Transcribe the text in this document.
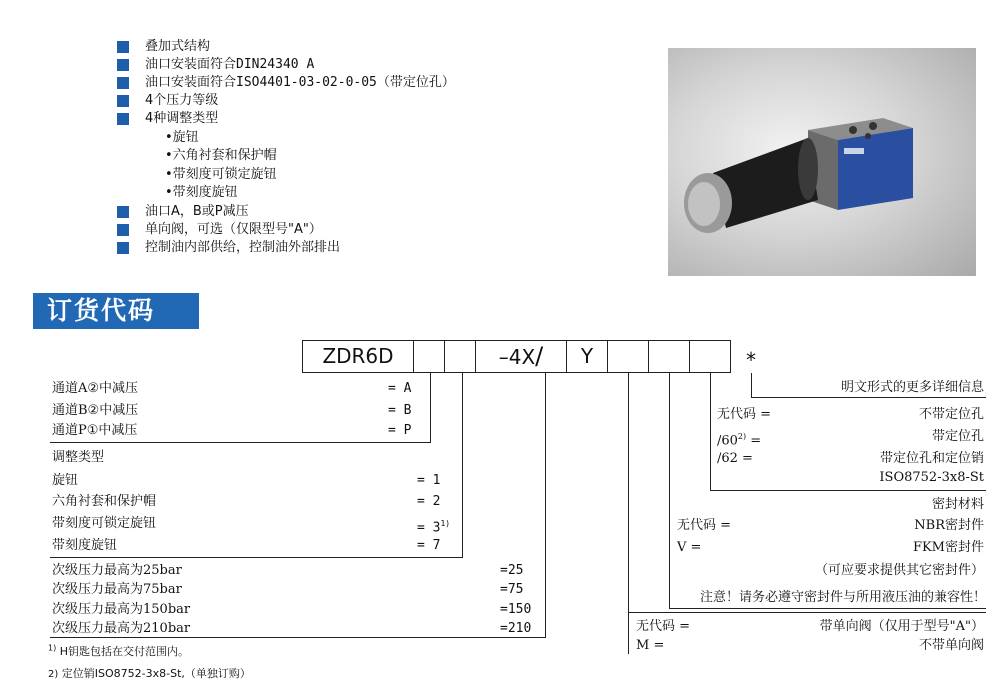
叠加式结构
油口安装面符合DIN24340 A
油口安装面符合ISO4401-03-02-0-05（带定位孔）
4个压力等级
4种调整类型
•旋钮
•六角衬套和保护帽
•带刻度可锁定旋钮
•带刻度旋钮
油口A，B或P减压
单向阀，可选（仅限型号"A"）
控制油内部供给，控制油外部排出
订货代码
ZDR6D	–4X/	Y	*
通道A②中减压	= A
通道B②中减压	= B
通道P①中减压	= P
调整类型
旋钮	= 1
六角衬套和保护帽	= 2
带刻度可锁定旋钮	= $3^{1)}$
带刻度旋钮	= 7
次级压力最高为25bar	=25
次级压力最高为75bar	=75
次级压力最高为150bar	=150
次级压力最高为210bar	=210
明文形式的更多详细信息
无代码 =	不带定位孔
$/60^{2)}$ =	带定位孔
/62 =	带定位孔和定位销
ISO8752-3x8-St
密封材料
无代码 =	NBR密封件
V =	FKM密封件
（可应要求提供其它密封件）
注意！请务必遵守密封件与所用液压油的兼容性！
无代码 =	带单向阀（仅用于型号"A"）
M =	不带单向阀
$^{1)}$ H钥匙包括在交付范围内。
2) 定位销ISO8752-3x8-St,（单独订购）
